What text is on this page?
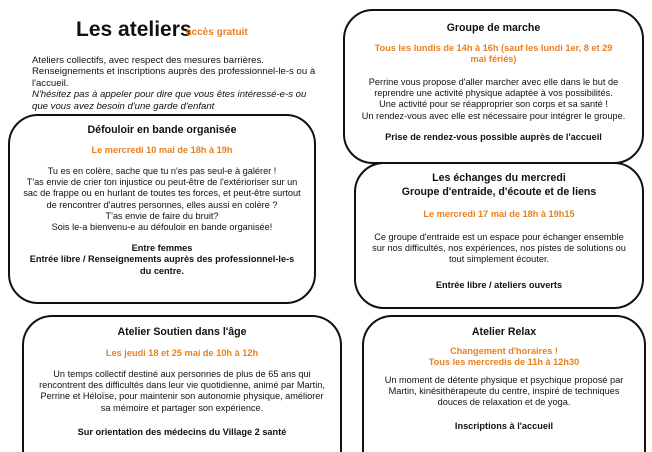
Les ateliers
accès gratuit
Ateliers collectifs, avec respect des mesures barrières.
Renseignements et inscriptions auprès des professionnel-le-s ou à l'accueil.
N'hésitez pas à appeler pour dire que vous êtes intéressé-e-s ou que vous avez besoin d'une garde d'enfant
Défouloir en bande organisée
Le mercredi 10 mai de 18h à 19h
Tu es en colère, sache que tu n'es pas seul-e à galérer !
T'as envie de crier ton injustice ou peut-être de l'extérioriser sur un sac de frappe ou en hurlant de toutes tes forces, et peut-être surtout de rencontrer d'autres personnes, elles aussi en colère ?
T'as envie de faire du bruit?
Sois le-a bienvenu-e au défouloir en bande organisée!
Entre femmes
Entrée libre / Renseignements auprès des professionnel-le-s du centre.
Groupe de marche
Tous les lundis de 14h à 16h (sauf les lundi 1er, 8 et 29 mai fériés)
Perrine vous propose d'aller marcher avec elle dans le but de reprendre une activité physique adaptée à vos possibilités.
Une activité pour se réapproprier son corps et sa santé !
Un rendez-vous avec elle est nécessaire pour intégrer le groupe.
Prise de rendez-vous possible auprès de l'accueil
Les échanges du mercredi
Groupe d'entraide, d'écoute et de liens
Le mercredi 17 mai de 18h à 19h15
Ce groupe d'entraide est un espace pour échanger ensemble sur nos difficultés, nos expériences, nos pistes de solutions ou tout simplement écouter.
Entrée libre / ateliers ouverts
Atelier Soutien dans l'âge
Les jeudi 18 et 25 mai de 10h à 12h
Un temps collectif destiné aux personnes de plus de 65 ans qui rencontrent des difficultés dans leur vie quotidienne, animé par Martin, Perrine et Héloïse, pour maintenir son autonomie physique, améliorer sa mémoire et partager son expérience.
Sur orientation des médecins du Village 2 santé
Atelier Relax
Changement d'horaires !
Tous les mercredis de 11h à 12h30
Un moment de détente physique et psychique proposé par Martin, kinésithérapeute du centre, inspiré de techniques douces de relaxation et de yoga.
Inscriptions à l'accueil
